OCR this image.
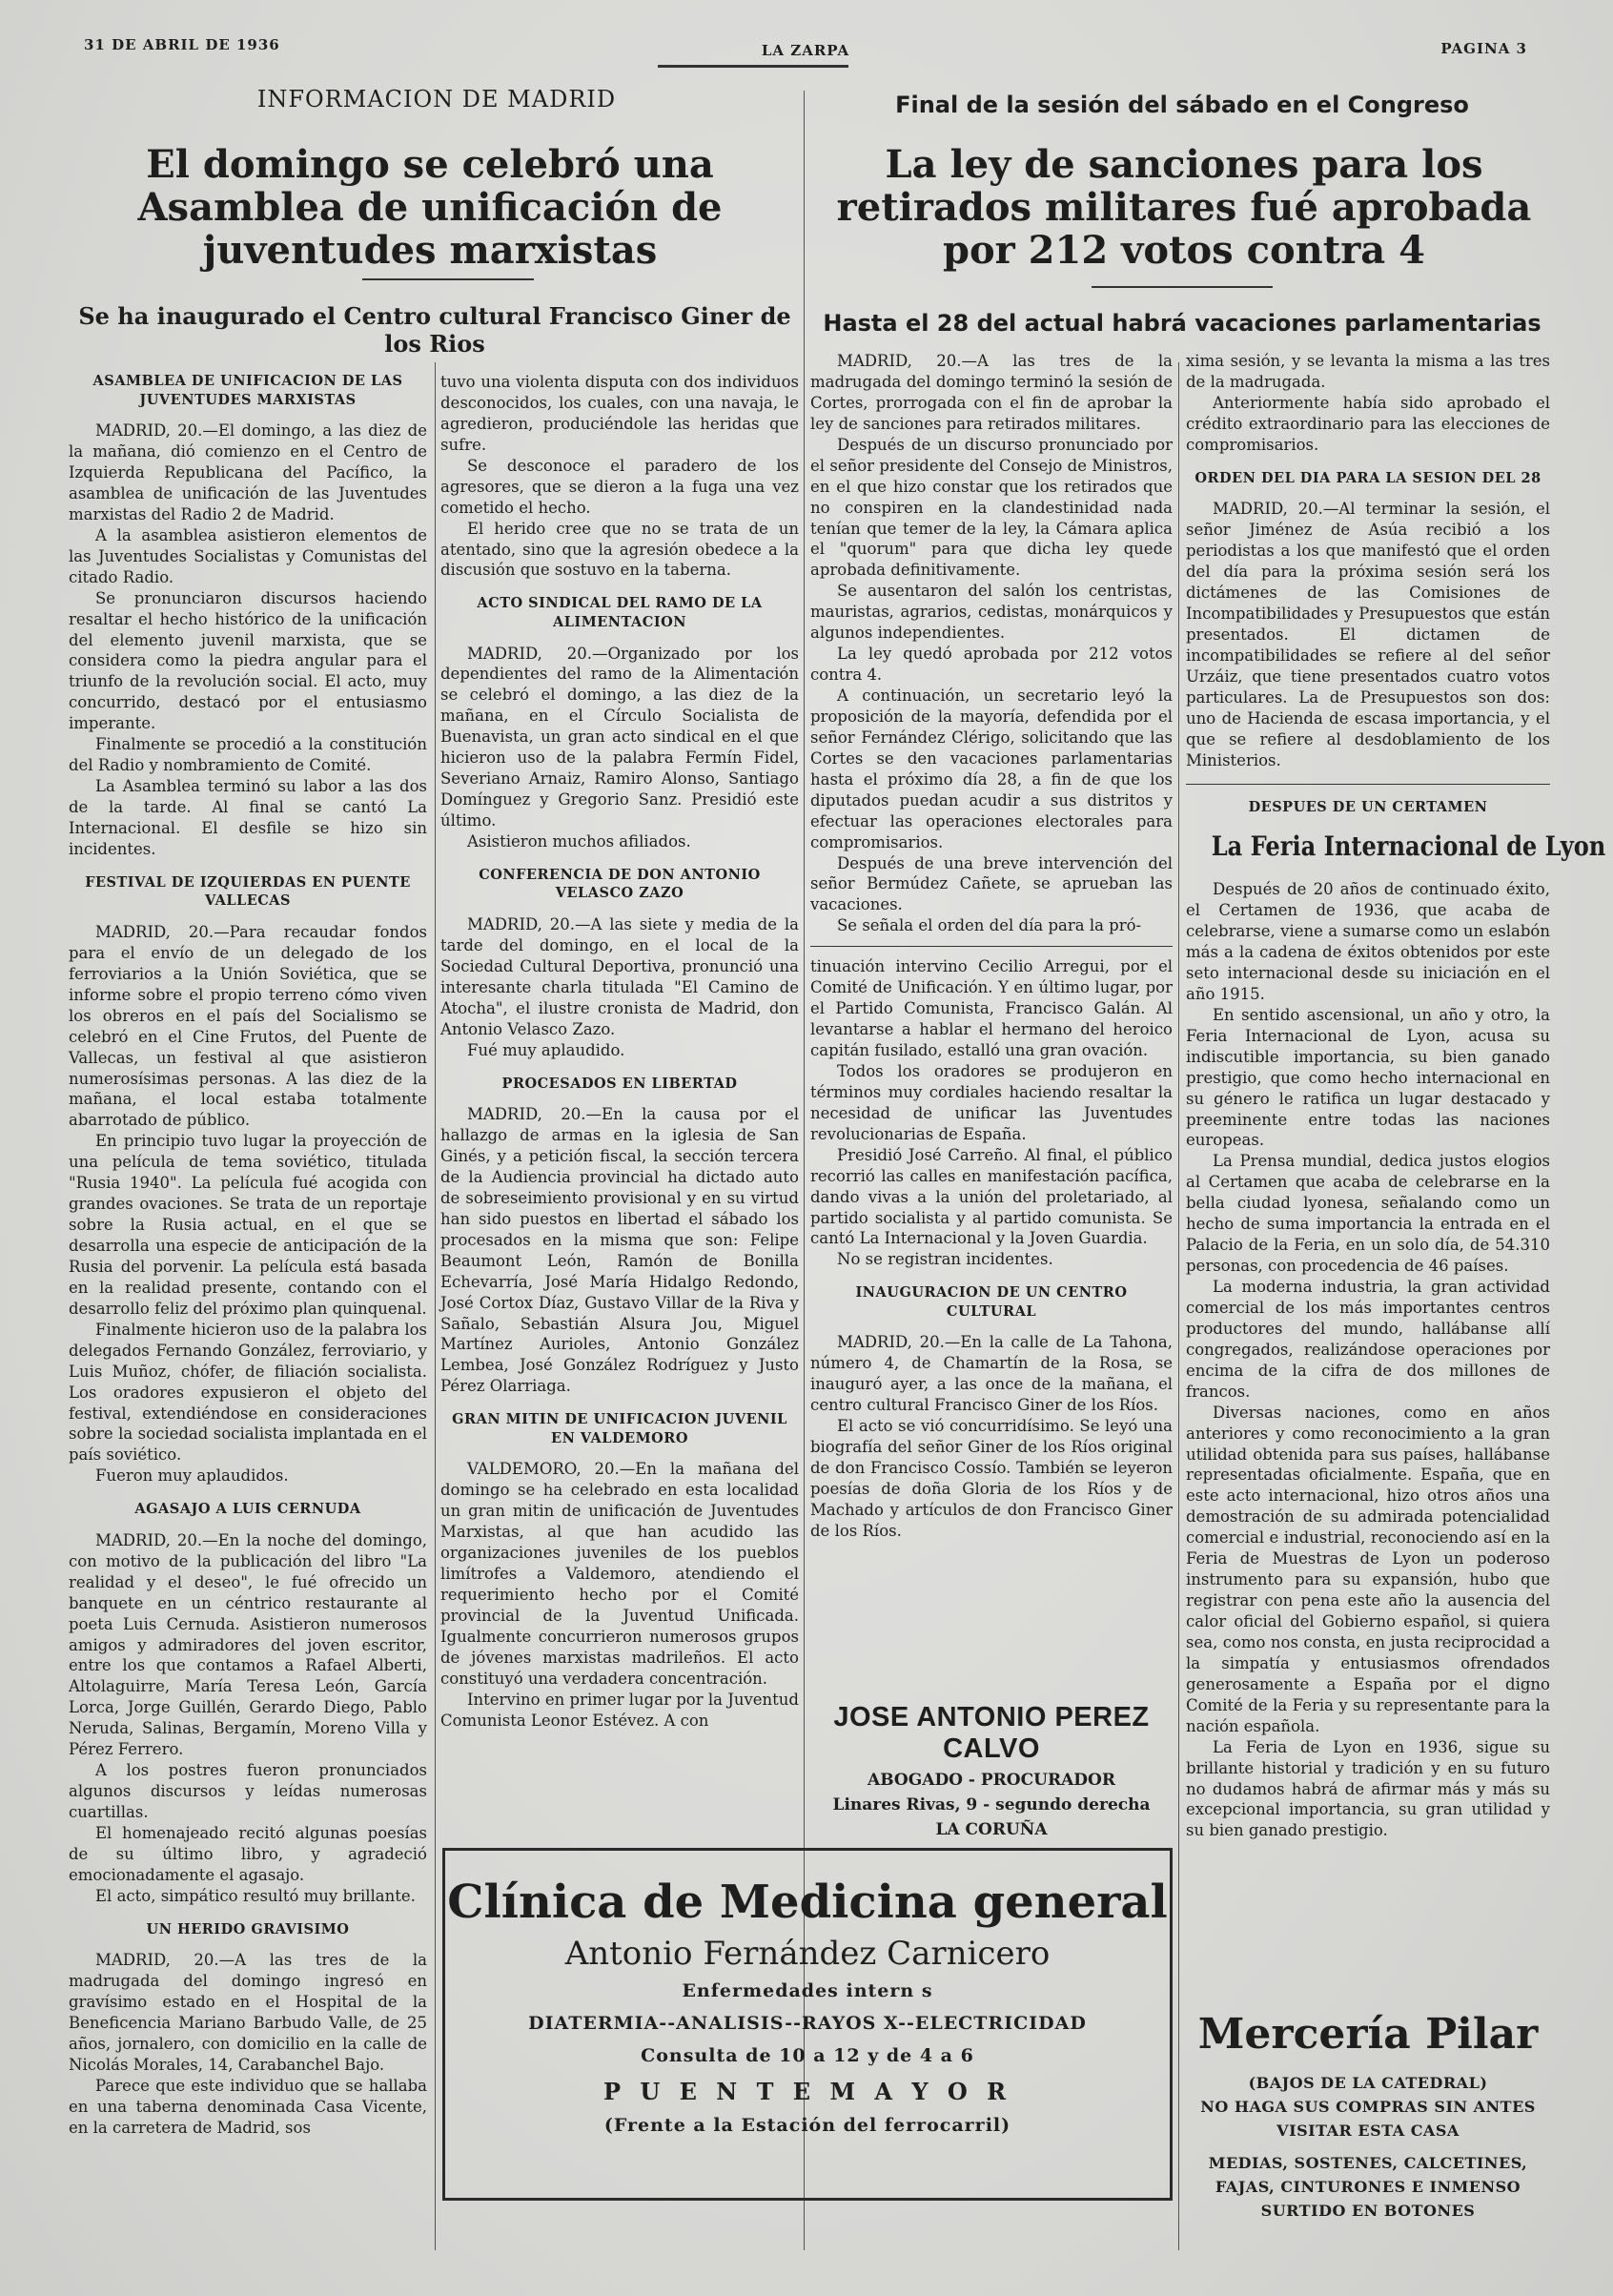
31 DE ABRIL DE 1936	LA ZARPA	PAGINA 3
INFORMACION DE MADRID
El domingo se celebró una Asamblea de unificación de juventudes marxistas
Se ha inaugurado el Centro cultural Francisco Giner de los Rios
Final de la sesión del sábado en el Congreso
La ley de sanciones para los retirados militares fué aprobada por 212 votos contra 4
Hasta el 28 del actual habrá vacaciones parlamentarias
ASAMBLEA DE UNIFICACION DE LAS JUVENTUDES MARXISTAS

MADRID, 20.—El domingo, a las diez de la mañana, dió comienzo en el Centro de Izquierda Republicana del Pacífico, la asamblea de unificación de las Juventudes marxistas del Radio 2 de Madrid.

A la asamblea asistieron elementos de las Juventudes Socialistas y Comunistas del citado Radio.

Se pronunciaron discursos haciendo resaltar el hecho histórico de la unificación del elemento juvenil marxista, que se considera como la piedra angular para el triunfo de la revolución social. El acto, muy concurrido, destacó por el entusiasmo imperante.

Finalmente se procedió a la constitución del Radio y nombramiento de Comité.

La Asamblea terminó su labor a las dos de la tarde. Al final se cantó La Internacional. El desfile se hizo sin incidentes.

FESTIVAL DE IZQUIERDAS EN PUENTE VALLECAS

MADRID, 20.—Para recaudar fondos para el envío de un delegado de los ferroviarios a la Unión Soviética, que se informe sobre el propio terreno cómo viven los obreros en el país del Socialismo se celebró en el Cine Frutos, del Puente de Vallecas, un festival al que asistieron numerosísimas personas. A las diez de la mañana, el local estaba totalmente abarrotado de público.

En principio tuvo lugar la proyección de una película de tema soviético, titulada "Rusia 1940". La película fué acogida con grandes ovaciones. Se trata de un reportaje sobre la Rusia actual, en el que se desarrolla una especie de anticipación de la Rusia del porvenir. La película está basada en la realidad presente, contando con el desarrollo feliz del próximo plan quinquenal.

Finalmente hicieron uso de la palabra los delegados Fernando González, ferroviario, y Luis Muñoz, chófer, de filiación socialista. Los oradores expusieron el objeto del festival, extendiéndose en consideraciones sobre la sociedad socialista implantada en el país soviético.

Fueron muy aplaudidos.

AGASAJO A LUIS CERNUDA

MADRID, 20.—En la noche del domingo, con motivo de la publicación del libro "La realidad y el deseo", le fué ofrecido un banquete en un céntrico restaurante al poeta Luis Cernuda. Asistieron numerosos amigos y admiradores del joven escritor, entre los que contamos a Rafael Alberti, Altolaguirre, María Teresa León, García Lorca, Jorge Guillén, Gerardo Diego, Pablo Neruda, Salinas, Bergamín, Moreno Villa y Pérez Ferrero.

A los postres fueron pronunciados algunos discursos y leídas numerosas cuartillas.

El homenajeado recitó algunas poesías de su último libro, y agradeció emocionadamente el agasajo.

El acto, simpático resultó muy brillante.

UN HERIDO GRAVISIMO

MADRID, 20.—A las tres de la madrugada del domingo ingresó en gravísimo estado en el Hospital de la Beneficencia Mariano Barbudo Valle, de 25 años, jornalero, con domicilio en la calle de Nicolás Morales, 14, Carabanchel Bajo.

Parece que este individuo que se hallaba en una taberna denominada Casa Vicente, en la carretera de Madrid, sos

tuvo una violenta disputa con dos individuos desconocidos, los cuales, con una navaja, le agredieron, produciéndole las heridas que sufre.

Se desconoce el paradero de los agresores, que se dieron a la fuga una vez cometido el hecho.

El herido cree que no se trata de un atentado, sino que la agresión obedece a la discusión que sostuvo en la taberna.

ACTO SINDICAL DEL RAMO DE LA ALIMENTACION

MADRID, 20.—Organizado por los dependientes del ramo de la Alimentación se celebró el domingo, a las diez de la mañana, en el Círculo Socialista de Buenavista, un gran acto sindical en el que hicieron uso de la palabra Fermín Fidel, Severiano Arnaiz, Ramiro Alonso, Santiago Domínguez y Gregorio Sanz. Presidió este último.

Asistieron muchos afiliados.

CONFERENCIA DE DON ANTONIO VELASCO ZAZO

MADRID, 20.—A las siete y media de la tarde del domingo, en el local de la Sociedad Cultural Deportiva, pronunció una interesante charla titulada "El Camino de Atocha", el ilustre cronista de Madrid, don Antonio Velasco Zazo.

Fué muy aplaudido.

PROCESADOS EN LIBERTAD

MADRID, 20.—En la causa por el hallazgo de armas en la iglesia de San Ginés, y a petición fiscal, la sección tercera de la Audiencia provincial ha dictado auto de sobreseimiento provisional y en su virtud han sido puestos en libertad el sábado los procesados en la misma que son: Felipe Beaumont León, Ramón de Bonilla Echevarría, José María Hidalgo Redondo, José Cortox Díaz, Gustavo Villar de la Riva y Sañalo, Sebastián Alsura Jou, Miguel Martínez Aurioles, Antonio González Lembea, José González Rodríguez y Justo Pérez Olarriaga.

GRAN MITIN DE UNIFICACION JUVENIL EN VALDEMORO

VALDEMORO, 20.—En la mañana del domingo se ha celebrado en esta localidad un gran mitin de unificación de Juventudes Marxistas, al que han acudido las organizaciones juveniles de los pueblos limítrofes a Valdemoro, atendiendo el requerimiento hecho por el Comité provincial de la Juventud Unificada. Igualmente concurrieron numerosos grupos de jóvenes marxistas madrileños. El acto constituyó una verdadera concentración.

Intervino en primer lugar por la Juventud Comunista Leonor Estévez. A con

MADRID, 20.—A las tres de la madrugada del domingo terminó la sesión de Cortes, prorrogada con el fin de aprobar la ley de sanciones para retirados militares.

Después de un discurso pronunciado por el señor presidente del Consejo de Ministros, en el que hizo constar que los retirados que no conspiren en la clandestinidad nada tenían que temer de la ley, la Cámara aplica el "quorum" para que dicha ley quede aprobada definitivamente.

Se ausentaron del salón los centristas, mauristas, agrarios, cedistas, monárquicos y algunos independientes.

La ley quedó aprobada por 212 votos contra 4.

A continuación, un secretario leyó la proposición de la mayoría, defendida por el señor Fernández Clérigo, solicitando que las Cortes se den vacaciones parlamentarias hasta el próximo día 28, a fin de que los diputados puedan acudir a sus distritos y efectuar las operaciones electorales para compromisarios.

Después de una breve intervención del señor Bermúdez Cañete, se aprueban las vacaciones.

Se señala el orden del día para la pró-

tinuación intervino Cecilio Arregui, por el Comité de Unificación. Y en último lugar, por el Partido Comunista, Francisco Galán. Al levantarse a hablar el hermano del heroico capitán fusilado, estalló una gran ovación.

Todos los oradores se produjeron en términos muy cordiales haciendo resaltar la necesidad de unificar las Juventudes revolucionarias de España.

Presidió José Carreño. Al final, el público recorrió las calles en manifestación pacífica, dando vivas a la unión del proletariado, al partido socialista y al partido comunista. Se cantó La Internacional y la Joven Guardia.

No se registran incidentes.

INAUGURACION DE UN CENTRO CULTURAL

MADRID, 20.—En la calle de La Tahona, número 4, de Chamartín de la Rosa, se inauguró ayer, a las once de la mañana, el centro cultural Francisco Giner de los Ríos.

El acto se vió concurridísimo. Se leyó una biografía del señor Giner de los Ríos original de don Francisco Cossío. También se leyeron poesías de doña Gloria de los Ríos y de Machado y artículos de don Francisco Giner de los Ríos.

JOSE ANTONIO PEREZ CALVO
ABOGADO - PROCURADOR
Linares Rivas, 9 - segundo derecha
LA CORUÑA

xima sesión, y se levanta la misma a las tres de la madrugada.

Anteriormente había sido aprobado el crédito extraordinario para las elecciones de compromisarios.

ORDEN DEL DIA PARA LA SESION DEL 28

MADRID, 20.—Al terminar la sesión, el señor Jiménez de Asúa recibió a los periodistas a los que manifestó que el orden del día para la próxima sesión será los dictámenes de las Comisiones de Incompatibilidades y Presupuestos que están presentados. El dictamen de incompatibilidades se refiere al del señor Urzáiz, que tiene presentados cuatro votos particulares. La de Presupuestos son dos: uno de Hacienda de escasa importancia, y el que se refiere al desdoblamiento de los Ministerios.

DESPUES DE UN CERTAMEN
La Feria Internacional de Lyon

Después de 20 años de continuado éxito, el Certamen de 1936, que acaba de celebrarse, viene a sumarse como un eslabón más a la cadena de éxitos obtenidos por este seto internacional desde su iniciación en el año 1915.

En sentido ascensional, un año y otro, la Feria Internacional de Lyon, acusa su indiscutible importancia, su bien ganado prestigio, que como hecho internacional en su género le ratifica un lugar destacado y preeminente entre todas las naciones europeas.

La Prensa mundial, dedica justos elogios al Certamen que acaba de celebrarse en la bella ciudad lyonesa, señalando como un hecho de suma importancia la entrada en el Palacio de la Feria, en un solo día, de 54.310 personas, con procedencia de 46 países.

La moderna industria, la gran actividad comercial de los más importantes centros productores del mundo, hallábanse allí congregados, realizándose operaciones por encima de la cifra de dos millones de francos.

Diversas naciones, como en años anteriores y como reconocimiento a la gran utilidad obtenida para sus países, hallábanse representadas oficialmente. España, que en este acto internacional, hizo otros años una demostración de su admirada potencialidad comercial e industrial, reconociendo así en la Feria de Muestras de Lyon un poderoso instrumento para su expansión, hubo que registrar con pena este año la ausencia del calor oficial del Gobierno español, si quiera sea, como nos consta, en justa reciprocidad a la simpatía y entusiasmos ofrendados generosamente a España por el digno Comité de la Feria y su representante para la nación española.

La Feria de Lyon en 1936, sigue su brillante historial y tradición y en su futuro no dudamos habrá de afirmar más y más su excepcional importancia, su gran utilidad y su bien ganado prestigio.

Clínica de Medicina general
Antonio Fernández Carnicero
Enfermedades intern s
DIATERMIA--ANALISIS--RAYOS X--ELECTRICIDAD
Consulta de 10 a 12 y de 4 a 6
P U E N T E M A Y O R
(Frente a la Estación del ferrocarril)
Mercería Pilar
(BAJOS DE LA CATEDRAL)
NO HAGA SUS COMPRAS SIN ANTES
VISITAR ESTA CASA
MEDIAS, SOSTENES, CALCETINES, FAJAS, CINTURONES E INMENSO SURTIDO EN BOTONES
